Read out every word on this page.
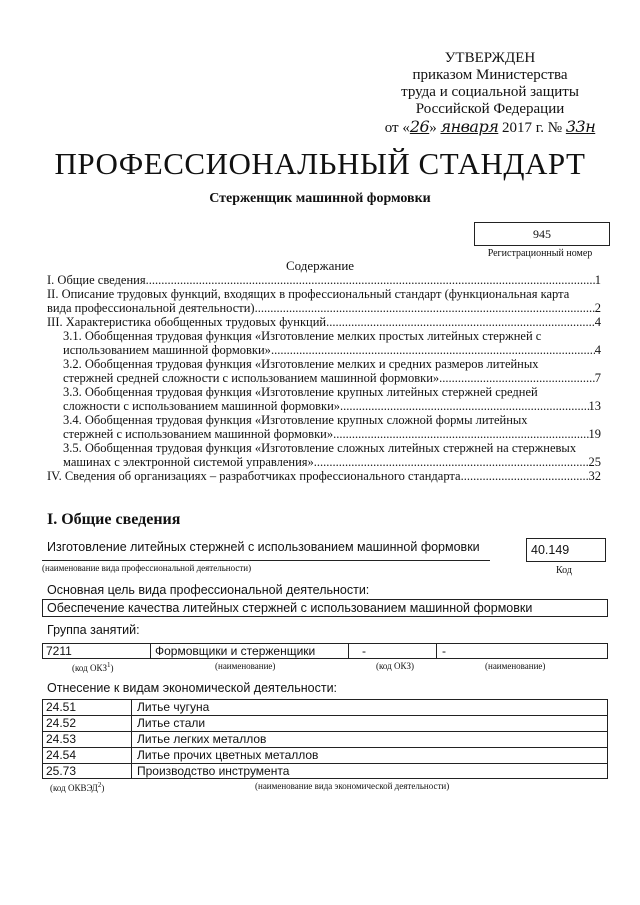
УТВЕРЖДЕН
приказом Министерства
труда и социальной защиты
Российской Федерации
от «26» января 2017 г. № 33н
ПРОФЕССИОНАЛЬНЫЙ СТАНДАРТ
Стерженщик машинной формовки
945
Регистрационный номер
Содержание
I. Общие сведения .....	1
II. Описание трудовых функций, входящих в профессиональный стандарт (функциональная карта
вида профессиональной деятельности) .....	2
III. Характеристика обобщенных трудовых функций .....	4
3.1. Обобщенная трудовая функция «Изготовление мелких простых литейных стержней с
использованием машинной формовки» .....	4
3.2. Обобщенная трудовая функция «Изготовление мелких и средних размеров литейных
стержней средней сложности с использованием машинной формовки» .....	7
3.3. Обобщенная трудовая функция «Изготовление крупных литейных стержней средней
сложности с использованием машинной формовки» .....	13
3.4. Обобщенная трудовая функция «Изготовление крупных сложной формы литейных
стержней с использованием машинной формовки» .....	19
3.5. Обобщенная трудовая функция «Изготовление сложных литейных стержней на стержневых
машинах с электронной системой управления» .....	25
IV. Сведения об организациях – разработчиках профессионального стандарта .....	32
I. Общие сведения
Изготовление литейных стержней с использованием машинной формовки
(наименование вида профессиональной деятельности)
40.149
Код
Основная цель вида профессиональной деятельности:
Обеспечение качества литейных стержней с использованием машинной формовки
Группа занятий:
7211	Формовщики и стерженщики	-	-
(код ОКЗ$^1$)	(наименование)	(код ОКЗ)	(наименование)
Отнесение к видам экономической деятельности:
24.51	Литье чугуна
24.52	Литье стали
24.53	Литье легких металлов
24.54	Литье прочих цветных металлов
25.73	Производство инструмента
(код ОКВЭД$^2$)	(наименование вида экономической деятельности)
